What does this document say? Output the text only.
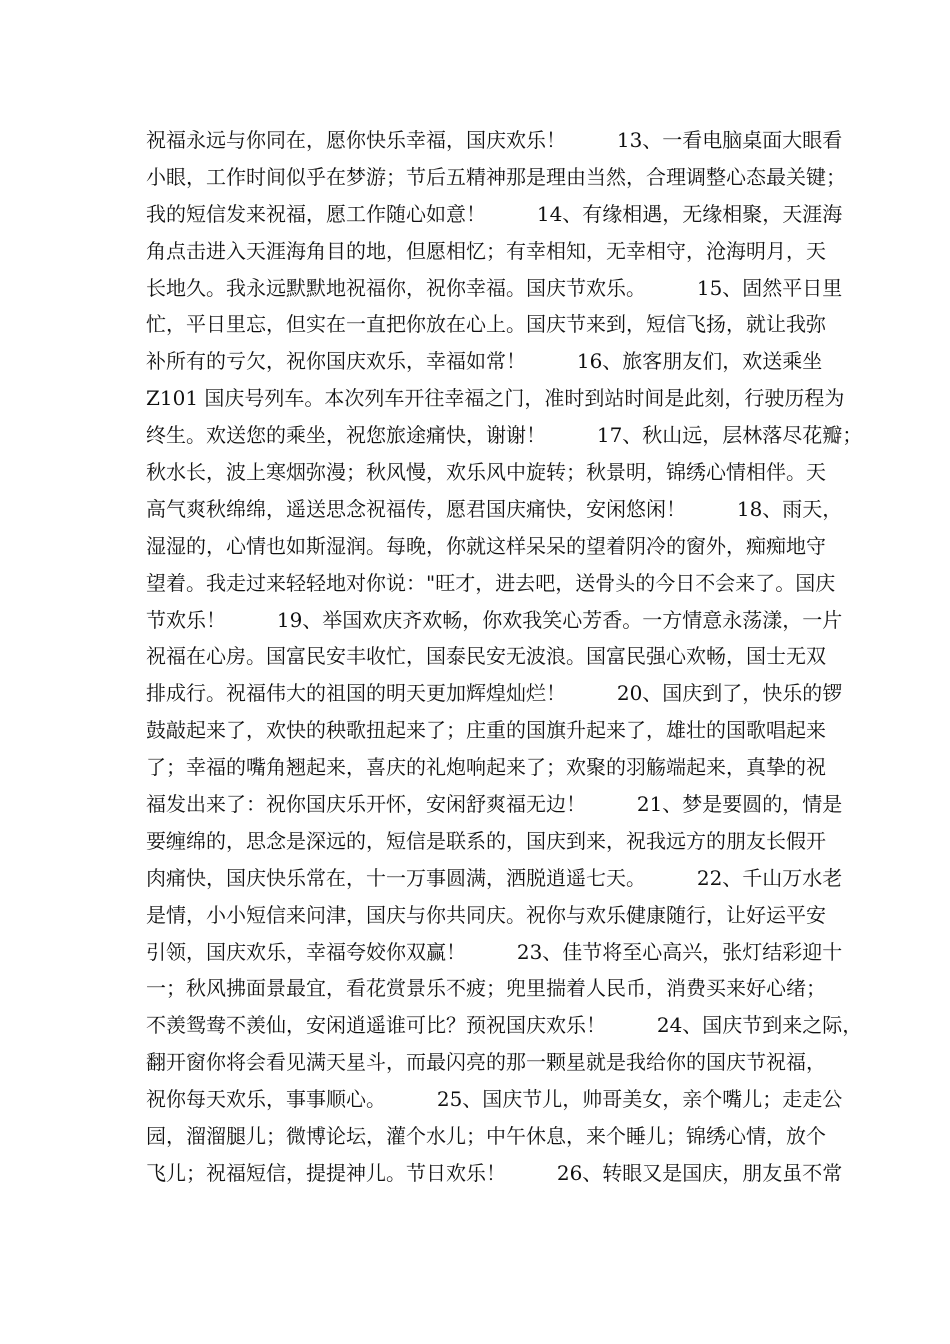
祝福永远与你同在，愿你快乐幸福，国庆欢乐！        13、一看电脑桌面大眼看
小眼，工作时间似乎在梦游；节后五精神那是理由当然，合理调整心态最关键；
我的短信发来祝福，愿工作随心如意！        14、有缘相遇，无缘相聚，天涯海
角点击进入天涯海角目的地，但愿相忆；有幸相知，无幸相守，沧海明月，天
长地久。我永远默默地祝福你，祝你幸福。国庆节欢乐。        15、固然平日里
忙，平日里忘，但实在一直把你放在心上。国庆节来到，短信飞扬，就让我弥
补所有的亏欠，祝你国庆欢乐，幸福如常！        16、旅客朋友们，欢送乘坐
Z101 国庆号列车。本次列车开往幸福之门，准时到站时间是此刻，行驶历程为
终生。欢送您的乘坐，祝您旅途痛快，谢谢！        17、秋山远，层林落尽花瓣；
秋水长，波上寒烟弥漫；秋风慢，欢乐风中旋转；秋景明，锦绣心情相伴。天
高气爽秋绵绵，遥送思念祝福传，愿君国庆痛快，安闲悠闲！        18、雨天，
湿湿的，心情也如斯湿润。每晚，你就这样呆呆的望着阴冷的窗外，痴痴地守
望着。我走过来轻轻地对你说："旺才，进去吧，送骨头的今日不会来了。国庆
节欢乐！        19、举国欢庆齐欢畅，你欢我笑心芳香。一方情意永荡漾，一片
祝福在心房。国富民安丰收忙，国泰民安无波浪。国富民强心欢畅，国士无双
排成行。祝福伟大的祖国的明天更加辉煌灿烂！        20、国庆到了，快乐的锣
鼓敲起来了，欢快的秧歌扭起来了；庄重的国旗升起来了，雄壮的国歌唱起来
了；幸福的嘴角翘起来，喜庆的礼炮响起来了；欢聚的羽觞端起来，真挚的祝
福发出来了：祝你国庆乐开怀，安闲舒爽福无边！        21、梦是要圆的，情是
要缠绵的，思念是深远的，短信是联系的，国庆到来，祝我远方的朋友长假开
肉痛快，国庆快乐常在，十一万事圆满，洒脱逍遥七天。        22、千山万水老
是情，小小短信来问津，国庆与你共同庆。祝你与欢乐健康随行，让好运平安
引领，国庆欢乐，幸福夸姣你双赢！        23、佳节将至心高兴，张灯结彩迎十
一；秋风拂面景最宜，看花赏景乐不疲；兜里揣着人民币，消费买来好心绪；
不羡鸳鸯不羡仙，安闲逍遥谁可比？预祝国庆欢乐！        24、国庆节到来之际，
翻开窗你将会看见满天星斗，而最闪亮的那一颗星就是我给你的国庆节祝福，
祝你每天欢乐，事事顺心。        25、国庆节儿，帅哥美女，亲个嘴儿；走走公
园，溜溜腿儿；微博论坛，灌个水儿；中午休息，来个睡儿；锦绣心情，放个
飞儿；祝福短信，提提神儿。节日欢乐！        26、转眼又是国庆，朋友虽不常
